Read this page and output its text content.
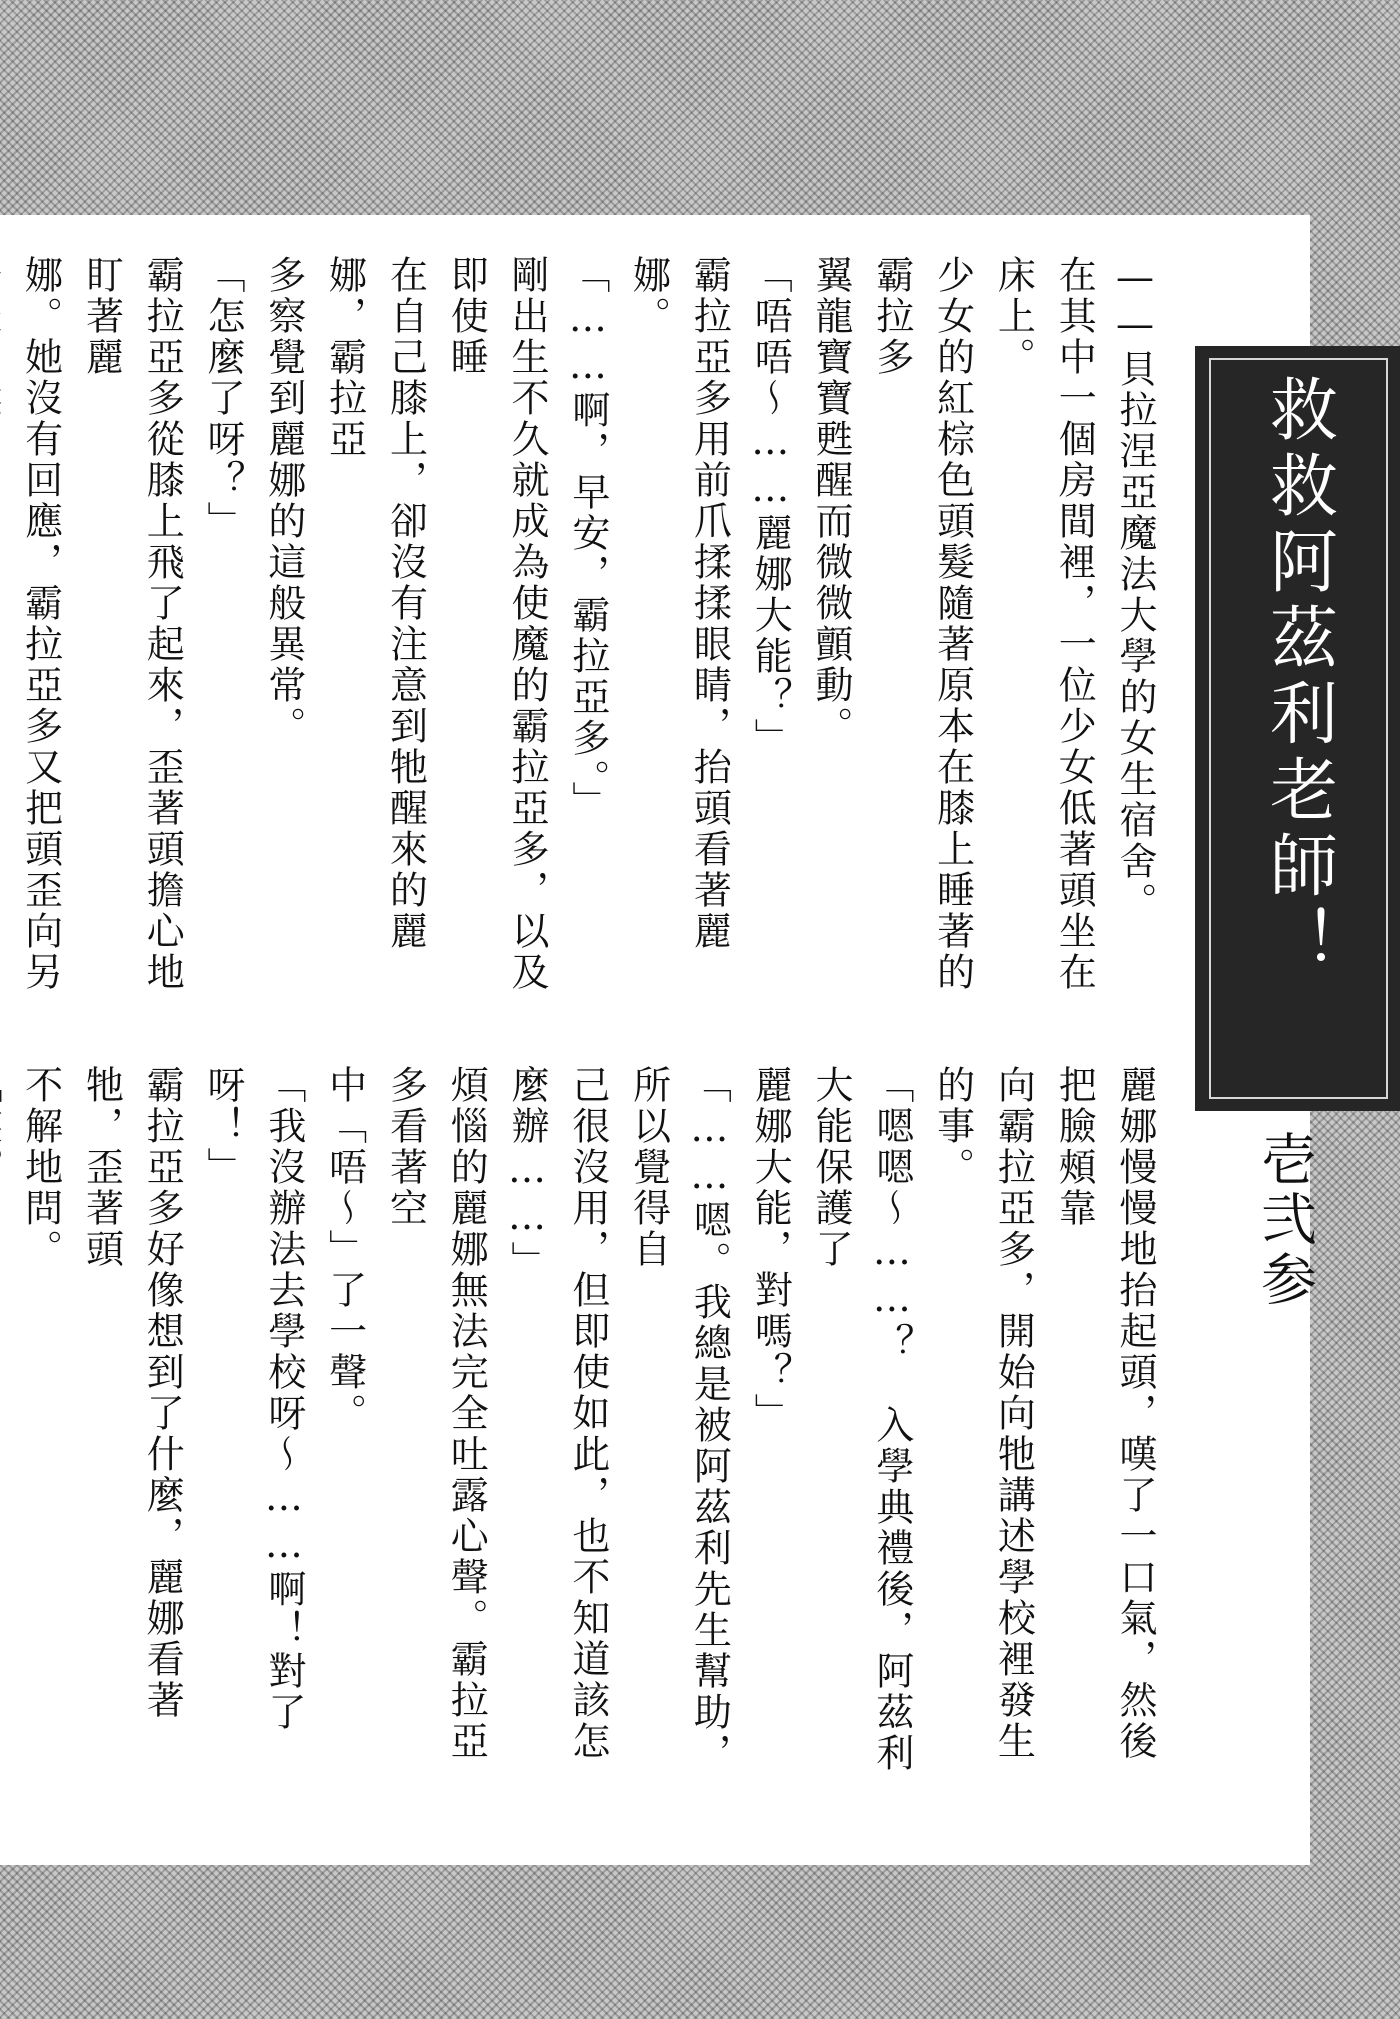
救救阿茲利老師！
壱弐参

——貝拉涅亞魔法大學的女生宿舍。

在其中一個房間裡，一位少女低著頭坐在床上。

少女的紅棕色頭髮隨著原本在膝上睡著的霸拉多

翼龍寶寶甦醒而微微顫動。

「唔唔～……麗娜大能？」

霸拉亞多用前爪揉揉眼睛，抬頭看著麗娜。

「……啊，早安，霸拉亞多。」

剛出生不久就成為使魔的霸拉亞多，以及即使睡

在自己膝上，卻沒有注意到牠醒來的麗娜，霸拉亞

多察覺到麗娜的這般異常。

「怎麼了呀？」

霸拉亞多從膝上飛了起來，歪著頭擔心地盯著麗

娜。她沒有回應，霸拉亞多又把頭歪向另

麗娜慢慢地抬起頭，嘆了一口氣，然後把臉頰靠

向霸拉亞多，開始向牠講述學校裡發生的事。

「嗯嗯～……？　入學典禮後，阿茲利大能保護了

麗娜大能，對嗎？」

「……嗯。我總是被阿茲利先生幫助，所以覺得自

己很沒用，但即使如此，也不知道該怎麼辦……」

煩惱的麗娜無法完全吐露心聲。霸拉亞多看著空

中「唔～」了一聲。

「我沒辦法去學校呀～……啊！對了呀！」

霸拉亞多好像想到了什麼，麗娜看著牠，歪著頭

不解地問。
